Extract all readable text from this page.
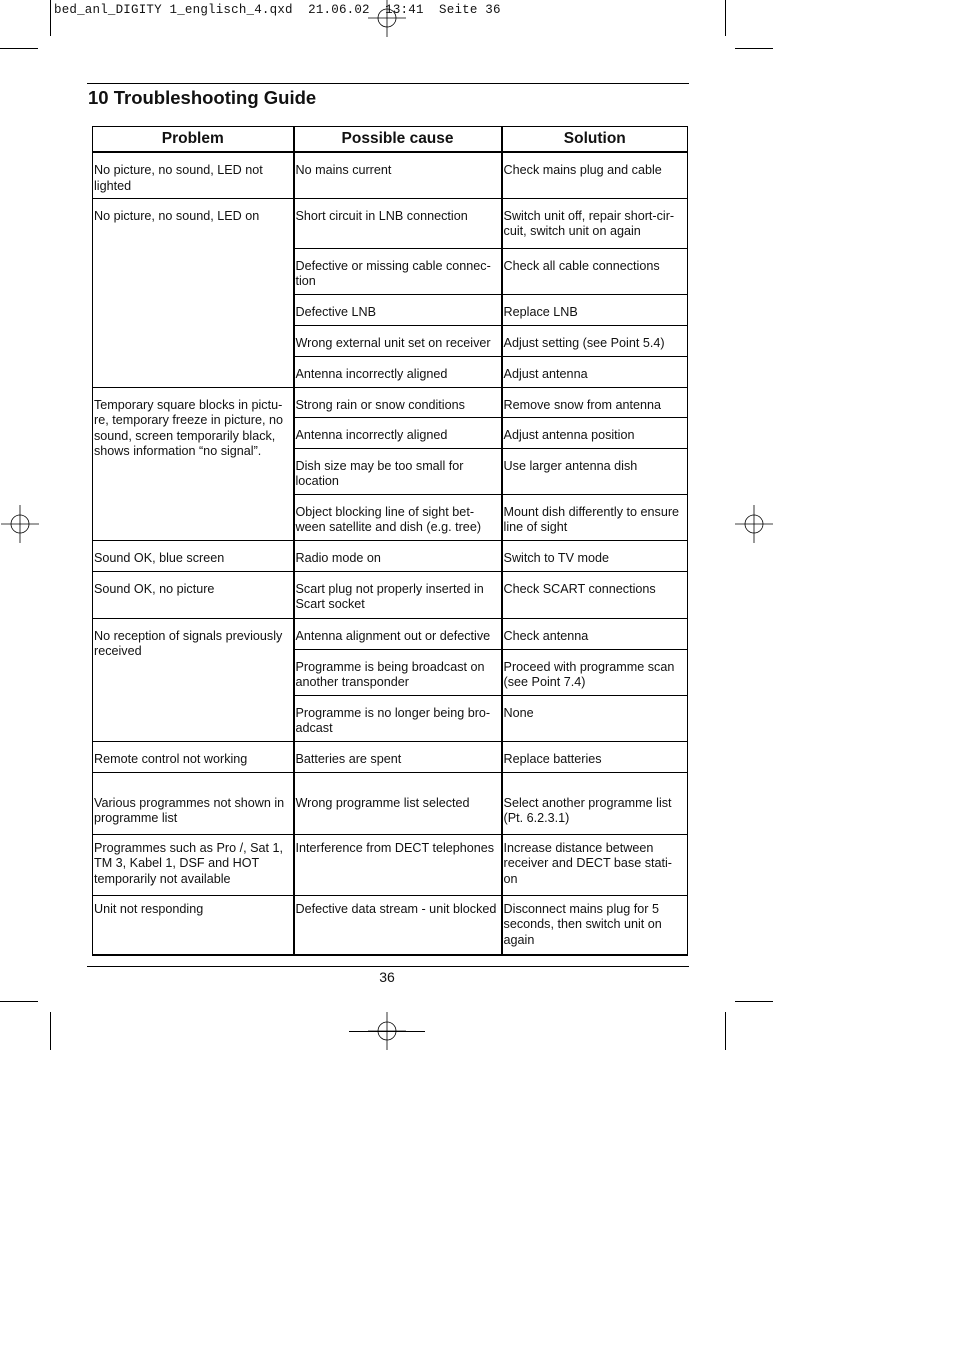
bed_anl_DIGITY 1_englisch_4.qxd  21.06.02  13:41  Seite 36
10 Troubleshooting Guide
Problem	Possible cause	Solution
No picture, no sound, LED not lighted	No mains current	Check mains plug and cable
No picture, no sound, LED on	Short circuit in LNB connection	Switch unit off, repair short-cir-cuit, switch unit on again
	Defective or missing cable connec-tion	Check all cable connections
	Defective LNB	Replace LNB
	Wrong external unit set on receiver	Adjust setting (see Point 5.4)
	Antenna incorrectly aligned	Adjust antenna
Temporary square blocks in pictu-re, temporary freeze in picture, no sound, screen temporarily black, shows information “no signal”.	Strong rain or snow conditions	Remove snow from antenna
	Antenna incorrectly aligned	Adjust antenna position
	Dish size may be too small for location	Use larger antenna dish
	Object blocking line of sight bet-ween satellite and dish (e.g. tree)	Mount dish differently to ensure line of sight
Sound OK, blue screen	Radio mode on	Switch to TV mode
Sound OK, no picture	Scart plug not properly inserted in Scart socket	Check SCART connections
No reception of signals previously received	Antenna alignment out or defective	Check antenna
	Programme is being broadcast on another transponder	Proceed with programme scan (see Point 7.4)
	Programme is no longer being bro-adcast	None
Remote control not working	Batteries are spent	Replace batteries
Various programmes not shown in programme list	Wrong programme list selected	Select another programme list (Pt. 6.2.3.1)
Programmes such as Pro /, Sat 1, TM 3, Kabel 1, DSF and HOT temporarily not available	Interference from DECT telephones	Increase distance between receiver and DECT base stati-on
Unit not responding	Defective data stream - unit blocked	Disconnect mains plug for 5 seconds, then switch unit on again
36
